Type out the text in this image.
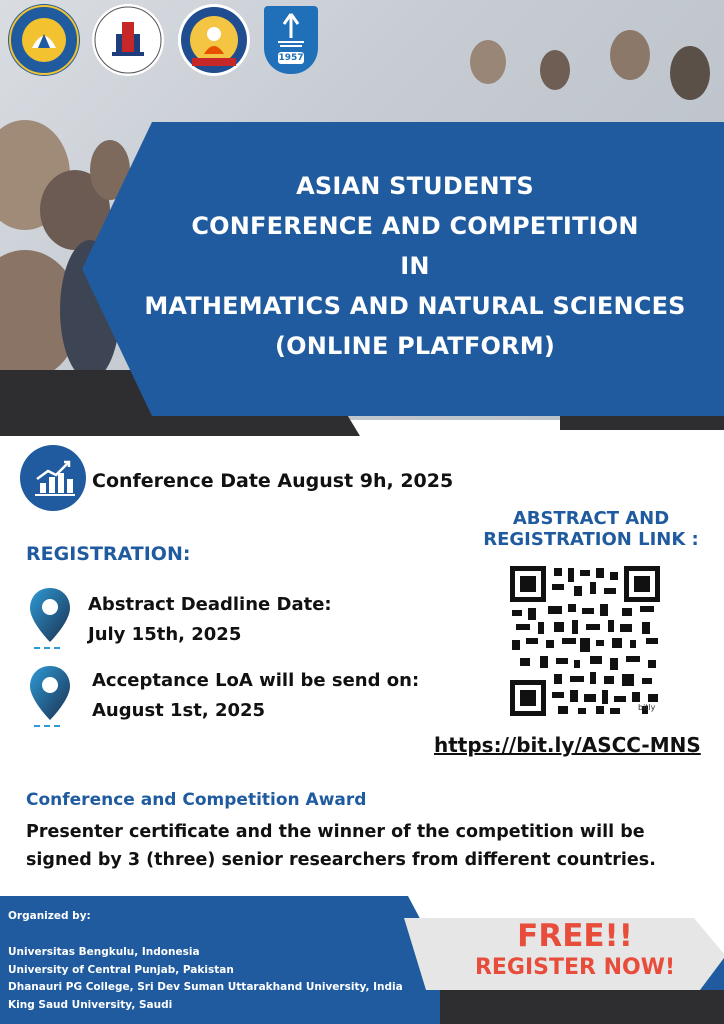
1957
ASIAN STUDENTS
CONFERENCE AND COMPETITION
IN
MATHEMATICS AND NATURAL SCIENCES
(ONLINE PLATFORM)
Conference Date August 9h, 2025
REGISTRATION:
Abstract Deadline Date:
July 15th, 2025
Acceptance LoA will be send on:
August 1st, 2025
ABSTRACT AND
REGISTRATION LINK :
bitly
https://bit.ly/ASCC-MNS
Conference and Competition Award
Presenter certificate and the winner of the competition will be
signed by 3 (three) senior researchers from different countries.
Organized by:
Universitas Bengkulu, Indonesia
University of Central Punjab, Pakistan
Dhanauri PG College, Sri Dev Suman Uttarakhand University, India
King Saud University, Saudi
FREE!!
REGISTER NOW!
